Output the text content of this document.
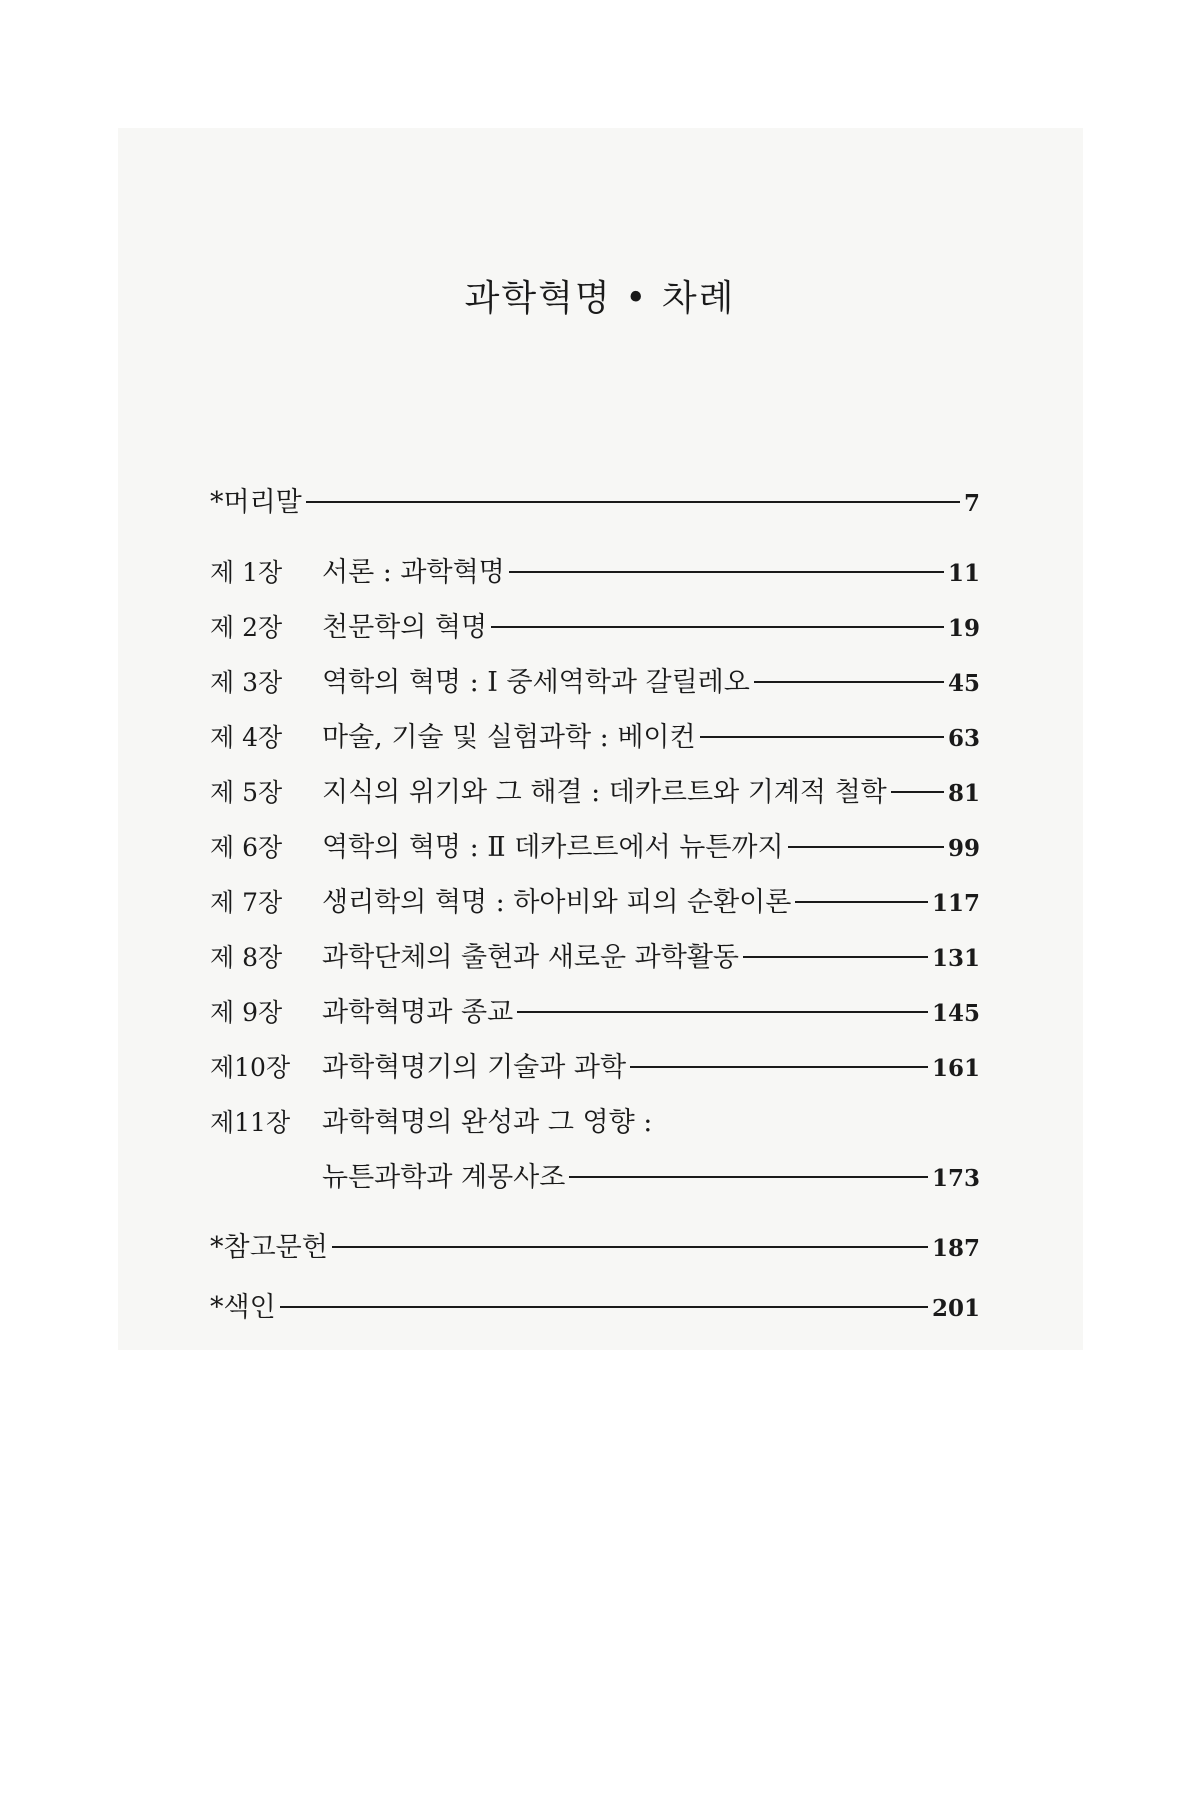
과학혁명 • 차례
*머리말	7
제 1장	서론 : 과학혁명	11
제 2장	천문학의 혁명	19
제 3장	역학의 혁명 : I 중세역학과 갈릴레오	45
제 4장	마술, 기술 및 실험과학 : 베이컨	63
제 5장	지식의 위기와 그 해결 : 데카르트와 기계적 철학	81
제 6장	역학의 혁명 : Ⅱ 데카르트에서 뉴튼까지	99
제 7장	생리학의 혁명 : 하아비와 피의 순환이론	117
제 8장	과학단체의 출현과 새로운 과학활동	131
제 9장	과학혁명과 종교	145
제10장	과학혁명기의 기술과 과학	161
제11장	과학혁명의 완성과 그 영향 :
뉴튼과학과 계몽사조	173
*참고문헌	187
*색인	201
